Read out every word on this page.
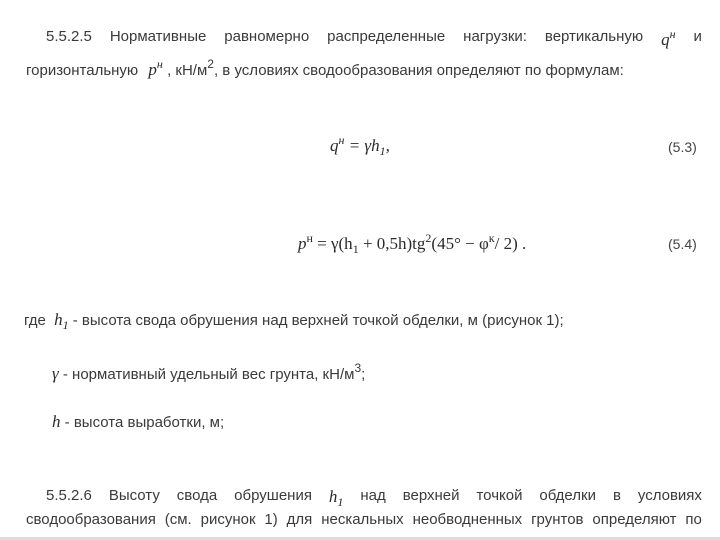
5.5.2.5 Нормативные равномерно распределенные нагрузки: вертикальную $q^н$ и
горизонтальную $p^н$ , $кН/м^2$, в условиях сводообразования определяют по формулам:
$q^н = \gamma h_1$,	(5.3)
$p^н = \gamma(h_1 + 0,5h)tg^2(45^\circ - \varphi^к/$ 2) .	(5.4)
где $h_1$ - высота свода обрушения над верхней точкой обделки, м (рисунок 1);
γ - нормативный удельный вес грунта, $кН/м^3$;
h - высота выработки, м;
5.5.2.6 Высоту свода обрушения $h_1$ над верхней точкой обделки в условиях
сводообразования (см. рисунок 1) для нескальных необводненных грунтов определяют по
